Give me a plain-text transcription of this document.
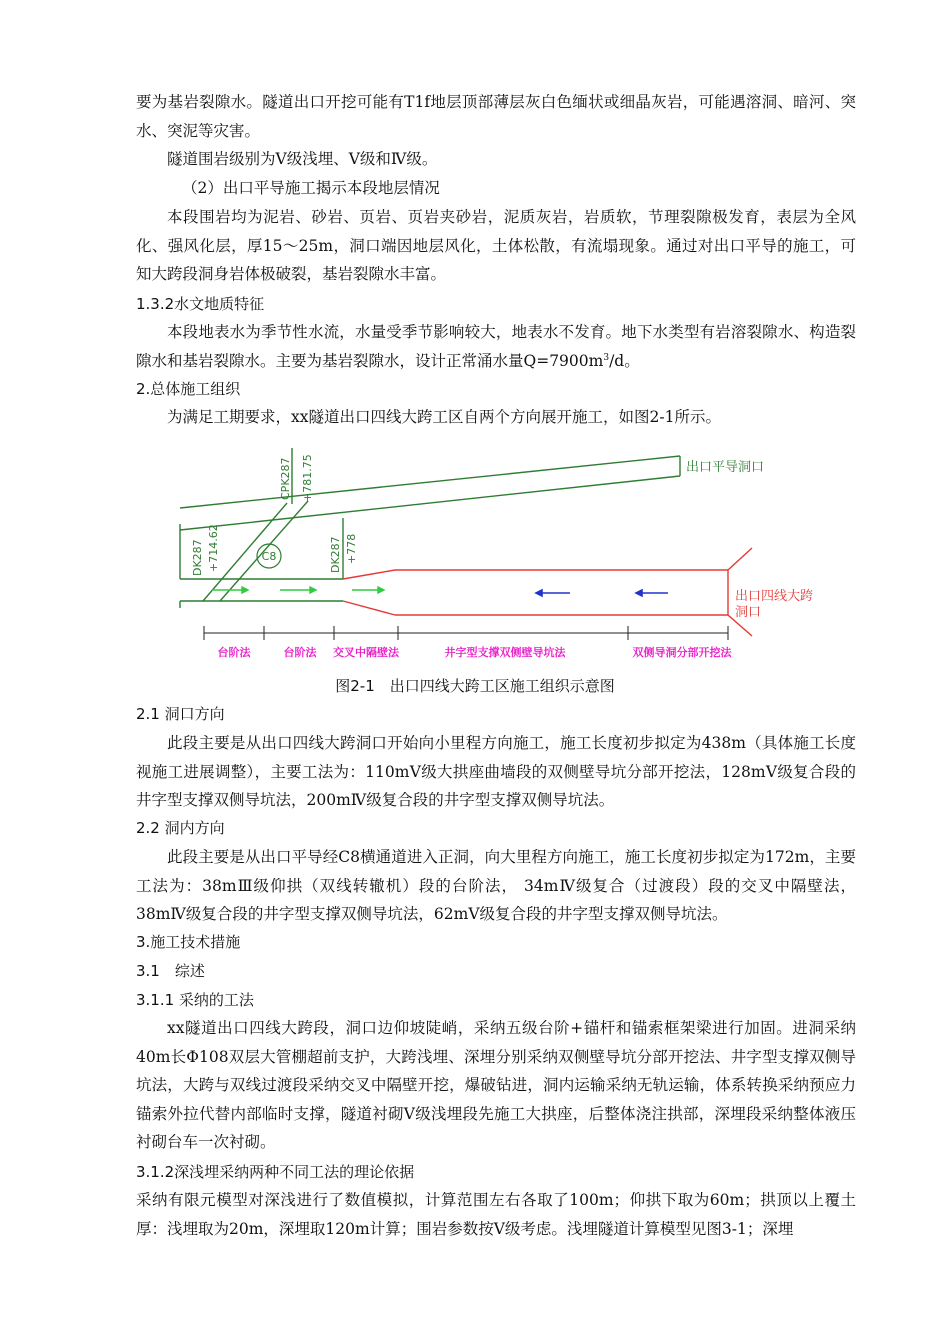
要为基岩裂隙水。隧道出口开挖可能有T1f地层顶部薄层灰白色缅状或细晶灰岩，可能遇溶洞、暗河、突水、突泥等灾害。

隧道围岩级别为Ⅴ级浅埋、Ⅴ级和Ⅳ级。

（2）出口平导施工揭示本段地层情况

本段围岩均为泥岩、砂岩、页岩、页岩夹砂岩，泥质灰岩，岩质软，节理裂隙极发育，表层为全风化、强风化层，厚15～25m，洞口端因地层风化，土体松散，有流塌现象。通过对出口平导的施工，可知大跨段洞身岩体极破裂，基岩裂隙水丰富。

1.3.2水文地质特征

本段地表水为季节性水流，水量受季节影响较大，地表水不发育。地下水类型有岩溶裂隙水、构造裂隙水和基岩裂隙水。主要为基岩裂隙水，设计正常涌水量$Q=7900m^3/d$。

2.总体施工组织

为满足工期要求，xx隧道出口四线大跨工区自两个方向展开施工，如图2-1所示。

C8
CPK287 +781.75
DK287 +714.62	DK287 +778
出口平导洞口
出口四线大跨
洞口
台阶法	台阶法 交叉中隔壁法	井字型支撑双侧壁导坑法	双侧导洞分部开挖法
图2-1　出口四线大跨工区施工组织示意图

2.1 洞口方向

此段主要是从出口四线大跨洞口开始向小里程方向施工，施工长度初步拟定为438m（具体施工长度视施工进展调整），主要工法为：110mⅤ级大拱座曲墙段的双侧壁导坑分部开挖法，128mⅤ级复合段的井字型支撑双侧导坑法，200mⅣ级复合段的井字型支撑双侧导坑法。

2.2 洞内方向

此段主要是从出口平导经C8横通道进入正洞，向大里程方向施工，施工长度初步拟定为172m，主要工法为：38mⅢ级仰拱（双线转辙机）段的台阶法， 34mⅣ级复合（过渡段）段的交叉中隔壁法，38mⅣ级复合段的井字型支撑双侧导坑法，62mⅤ级复合段的井字型支撑双侧导坑法。

3.施工技术措施

3.1　综述

3.1.1 采纳的工法

xx隧道出口四线大跨段，洞口边仰坡陡峭，采纳五级台阶+锚杆和锚索框架梁进行加固。进洞采纳40m长Φ108双层大管棚超前支护，大跨浅埋、深埋分别采纳双侧壁导坑分部开挖法、井字型支撑双侧导坑法，大跨与双线过渡段采纳交叉中隔壁开挖，爆破钻进，洞内运输采纳无轨运输，体系转换采纳预应力锚索外拉代替内部临时支撑，隧道衬砌Ⅴ级浅埋段先施工大拱座，后整体浇注拱部，深埋段采纳整体液压衬砌台车一次衬砌。

3.1.2深浅埋采纳两种不同工法的理论依据

采纳有限元模型对深浅进行了数值模拟，计算范围左右各取了100m；仰拱下取为60m；拱顶以上覆土厚：浅埋取为20m，深埋取120m计算；围岩参数按Ⅴ级考虑。浅埋隧道计算模型见图3-1；深埋
